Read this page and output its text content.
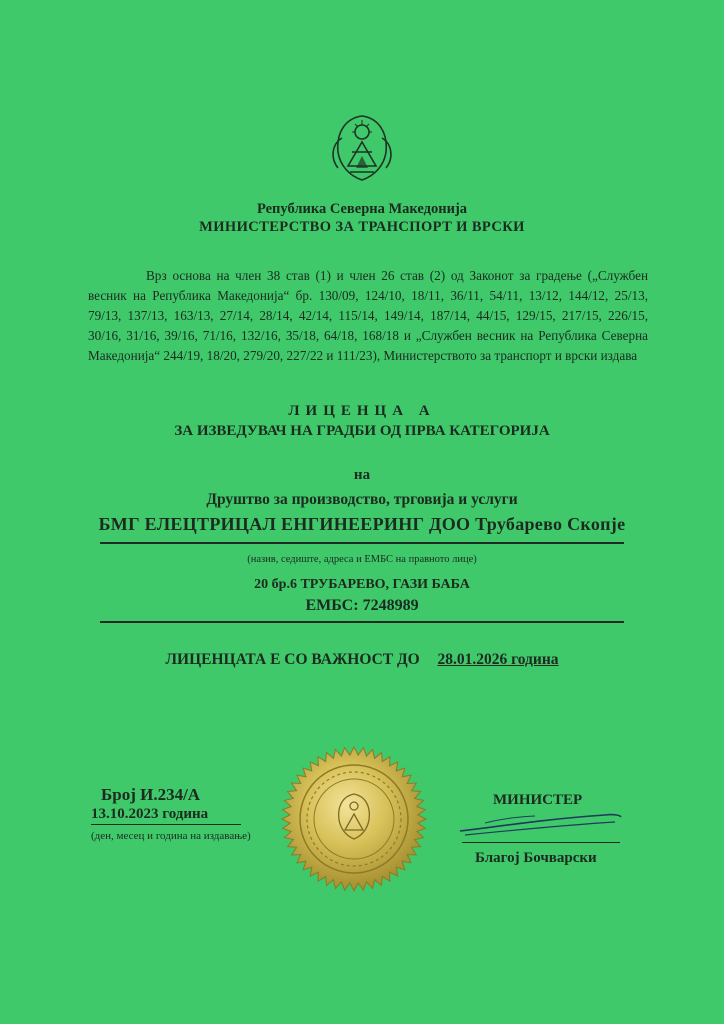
Република Северна Македонија
МИНИСТЕРСТВО ЗА ТРАНСПОРТ И ВРСКИ
Врз основа на член 38 став (1) и член 26 став (2) од Законот за градење („Службен весник на Република Македонија“ бр. 130/09, 124/10, 18/11, 36/11, 54/11, 13/12, 144/12, 25/13, 79/13, 137/13, 163/13, 27/14, 28/14, 42/14, 115/14, 149/14, 187/14, 44/15, 129/15, 217/15, 226/15, 30/16, 31/16, 39/16, 71/16, 132/16, 35/18, 64/18, 168/18 и „Службен весник на Република Северна Македонија“ 244/19, 18/20, 279/20, 227/22 и 111/23), Министерството за транспорт и врски издава
ЛИЦЕНЦА А
ЗА ИЗВЕДУВАЧ НА ГРАДБИ ОД ПРВА КАТЕГОРИЈА
на
Друштво за производство, трговија и услуги
БМГ ЕЛЕЦТРИЦАЛ ЕНГИНЕЕРИНГ ДОО Трубарево Скопје
(назив, седиште, адреса и ЕМБС на правното лице)
20 бр.6 ТРУБАРЕВО, ГАЗИ БАБА
ЕМБС: 7248989
ЛИЦЕНЦАТА Е СО ВАЖНОСТ ДО 28.01.2026 година
Број И.234/А
13.10.2023 година
(ден, месец и година на издавање)
МИНИСТЕР
Благој Бочварски
